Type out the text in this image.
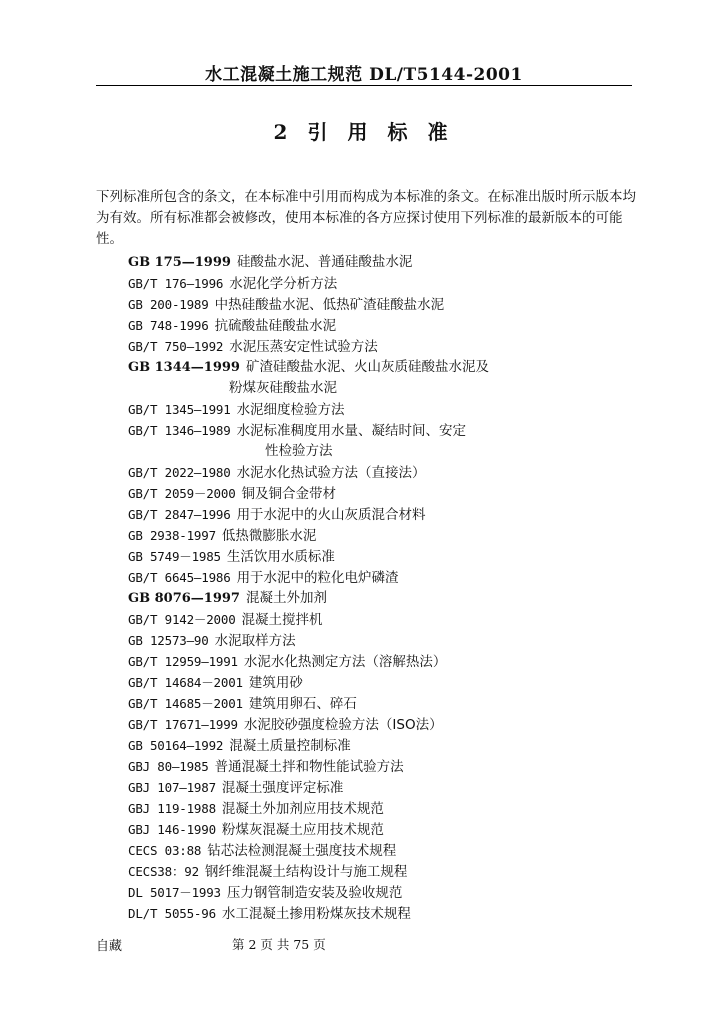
水工混凝土施工规范 DL/T5144-2001
2 引 用 标 准
下列标准所包含的条文，在本标准中引用而构成为本标准的条文。在标准出版时所示版本均为有效。所有标准都会被修改，使用本标准的各方应探讨使用下列标准的最新版本的可能性。
GB 175—1999 硅酸盐水泥、普通硅酸盐水泥
GB/T 176—1996 水泥化学分析方法
GB 200-1989 中热硅酸盐水泥、低热矿渣硅酸盐水泥
GB 748-1996 抗硫酸盐硅酸盐水泥
GB/T 750—1992 水泥压蒸安定性试验方法
GB 1344—1999 矿渣硅酸盐水泥、火山灰质硅酸盐水泥及
粉煤灰硅酸盐水泥
GB/T 1345—1991 水泥细度检验方法
GB/T 1346—1989 水泥标准稠度用水量、凝结时间、安定
性检验方法
GB/T 2022—1980 水泥水化热试验方法（直接法）
GB/T 2059－2000 铜及铜合金带材
GB/T 2847—1996 用于水泥中的火山灰质混合材料
GB 2938-1997 低热微膨胀水泥
GB 5749－1985 生活饮用水质标准
GB/T 6645—1986 用于水泥中的粒化电炉磷渣
GB 8076—1997 混凝土外加剂
GB/T 9142－2000 混凝土搅拌机
GB 12573—90 水泥取样方法
GB/T 12959—1991 水泥水化热测定方法（溶解热法）
GB/T 14684－2001 建筑用砂
GB/T 14685－2001 建筑用卵石、碎石
GB/T 17671—1999 水泥胶砂强度检验方法（ISO法）
GB 50164—1992 混凝土质量控制标准
GBJ 80—1985 普通混凝土拌和物性能试验方法
GBJ 107—1987 混凝土强度评定标准
GBJ 119-1988 混凝土外加剂应用技术规范
GBJ 146-1990 粉煤灰混凝土应用技术规范
CECS 03:88 钻芯法检测混凝土强度技术规程
CECS38：92 钢纤维混凝土结构设计与施工规程
DL 5017－1993 压力钢管制造安装及验收规范
DL/T 5055-96 水工混凝土掺用粉煤灰技术规程
自藏	第 2 页 共 75 页
